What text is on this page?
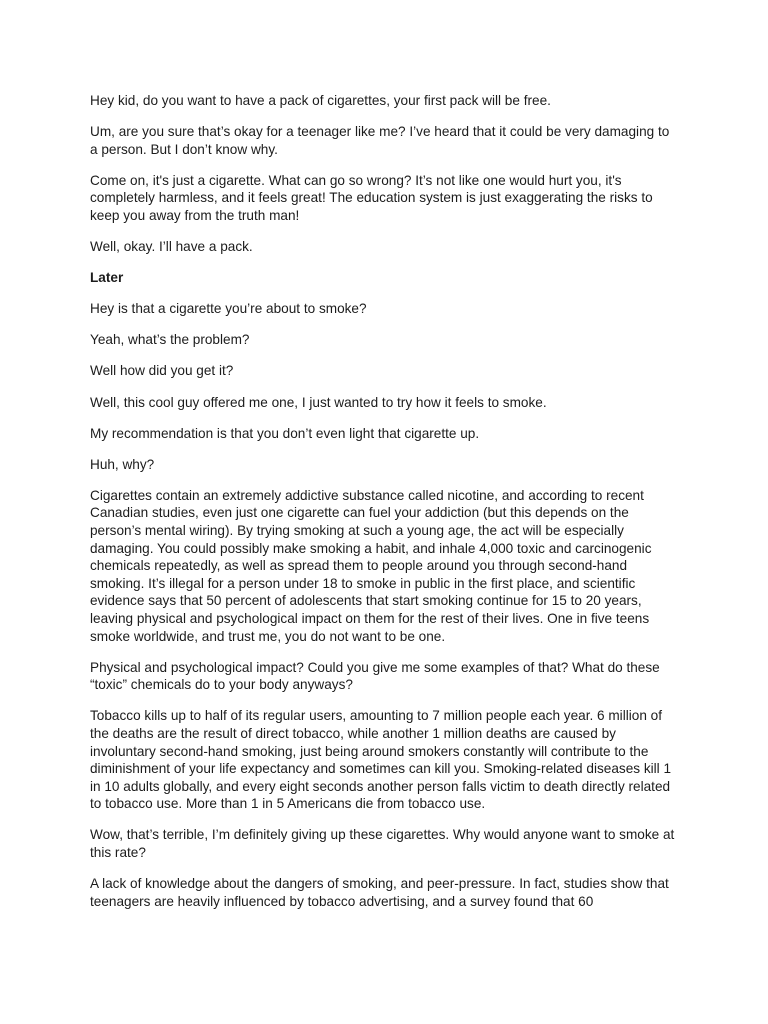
Hey kid, do you want to have a pack of cigarettes, your first pack will be free.

Um, are you sure that’s okay for a teenager like me? I’ve heard that it could be very damaging to a person. But I don’t know why.

Come on, it's just a cigarette. What can go so wrong? It’s not like one would hurt you, it's completely harmless, and it feels great! The education system is just exaggerating the risks to keep you away from the truth man!

Well, okay. I’ll have a pack.

Later

Hey is that a cigarette you’re about to smoke?

Yeah, what’s the problem?

Well how did you get it?

Well, this cool guy offered me one, I just wanted to try how it feels to smoke.

My recommendation is that you don’t even light that cigarette up.

Huh, why?

Cigarettes contain an extremely addictive substance called nicotine, and according to recent Canadian studies, even just one cigarette can fuel your addiction (but this depends on the person’s mental wiring). By trying smoking at such a young age, the act will be especially damaging. You could possibly make smoking a habit, and inhale 4,000 toxic and carcinogenic chemicals repeatedly, as well as spread them to people around you through second-hand smoking. It’s illegal for a person under 18 to smoke in public in the first place, and scientific evidence says that 50 percent of adolescents that start smoking continue for 15 to 20 years, leaving physical and psychological impact on them for the rest of their lives. One in five teens smoke worldwide, and trust me, you do not want to be one.

Physical and psychological impact? Could you give me some examples of that? What do these “toxic” chemicals do to your body anyways?

Tobacco kills up to half of its regular users, amounting to 7 million people each year. 6 million of the deaths are the result of direct tobacco, while another 1 million deaths are caused by involuntary second-hand smoking, just being around smokers constantly will contribute to the diminishment of your life expectancy and sometimes can kill you. Smoking-related diseases kill 1 in 10 adults globally, and every eight seconds another person falls victim to death directly related to tobacco use. More than 1 in 5 Americans die from tobacco use.

Wow, that’s terrible, I’m definitely giving up these cigarettes. Why would anyone want to smoke at this rate?

A lack of knowledge about the dangers of smoking, and peer-pressure. In fact, studies show that teenagers are heavily influenced by tobacco advertising, and a survey found that 60
